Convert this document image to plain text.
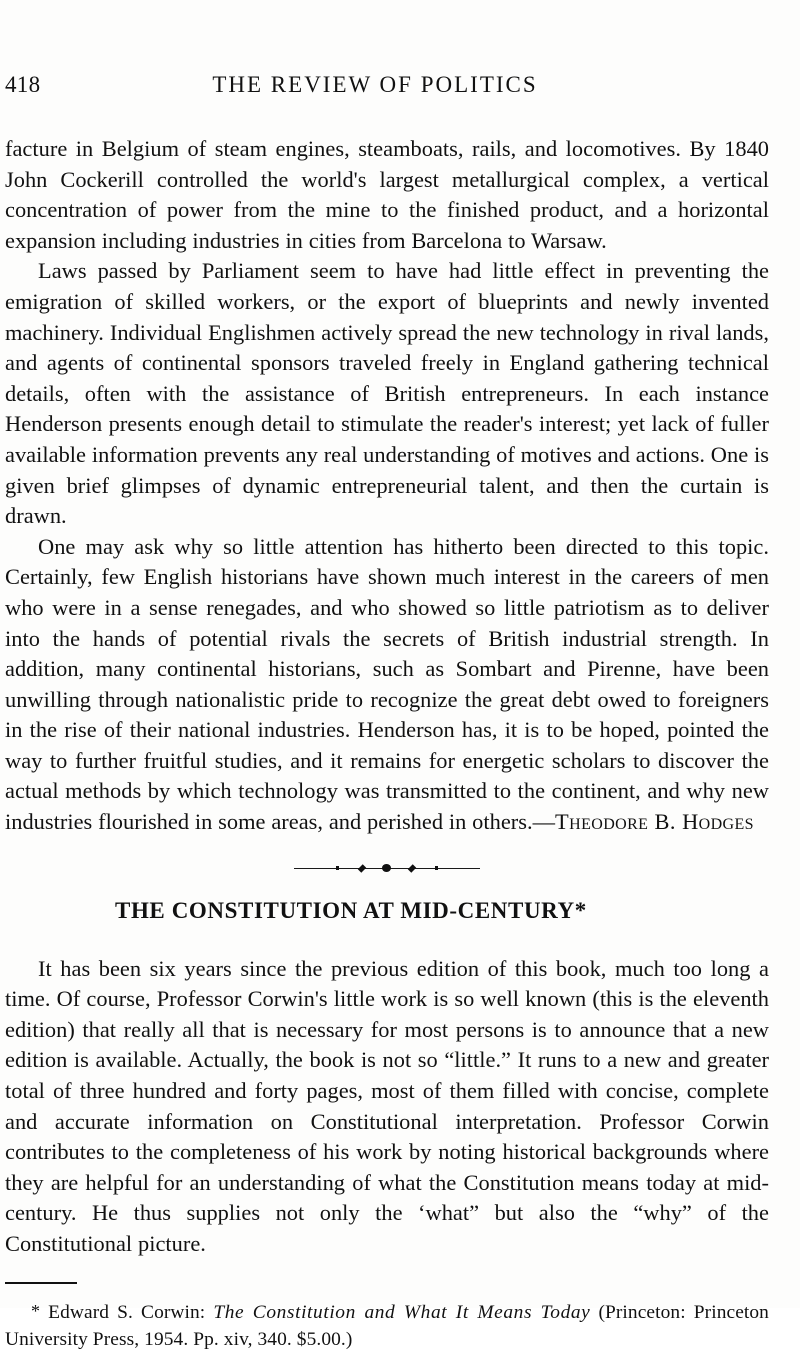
418	THE REVIEW OF POLITICS

facture in Belgium of steam engines, steamboats, rails, and locomotives. By 1840 John Cockerill controlled the world's largest metallurgical complex, a vertical concentration of power from the mine to the finished product, and a horizontal expansion including industries in cities from Barcelona to Warsaw.

Laws passed by Parliament seem to have had little effect in preventing the emigration of skilled workers, or the export of blueprints and newly invented machinery. Individual Englishmen actively spread the new technology in rival lands, and agents of continental sponsors traveled freely in England gathering technical details, often with the assistance of British entrepreneurs. In each instance Henderson presents enough detail to stimulate the reader's interest; yet lack of fuller available information prevents any real understanding of motives and actions. One is given brief glimpses of dynamic entrepreneurial talent, and then the curtain is drawn.

One may ask why so little attention has hitherto been directed to this topic. Certainly, few English historians have shown much interest in the careers of men who were in a sense renegades, and who showed so little patriotism as to deliver into the hands of potential rivals the secrets of British industrial strength. In addition, many continental historians, such as Sombart and Pirenne, have been unwilling through nationalistic pride to recognize the great debt owed to foreigners in the rise of their national industries. Henderson has, it is to be hoped, pointed the way to further fruitful studies, and it remains for energetic scholars to discover the actual methods by which technology was transmitted to the continent, and why new industries flourished in some areas, and perished in others.—Theodore B. Hodges

THE CONSTITUTION AT MID-CENTURY*

It has been six years since the previous edition of this book, much too long a time. Of course, Professor Corwin's little work is so well known (this is the eleventh edition) that really all that is necessary for most persons is to announce that a new edition is available. Actually, the book is not so “little.” It runs to a new and greater total of three hundred and forty pages, most of them filled with concise, complete and accurate information on Constitutional interpretation. Professor Corwin contributes to the completeness of his work by noting historical backgrounds where they are helpful for an understanding of what the Constitution means today at mid-century. He thus supplies not only the ‘what” but also the “why” of the Constitutional picture.

* Edward S. Corwin: The Constitution and What It Means Today (Princeton: Princeton University Press, 1954. Pp. xiv, 340. $5.00.)
